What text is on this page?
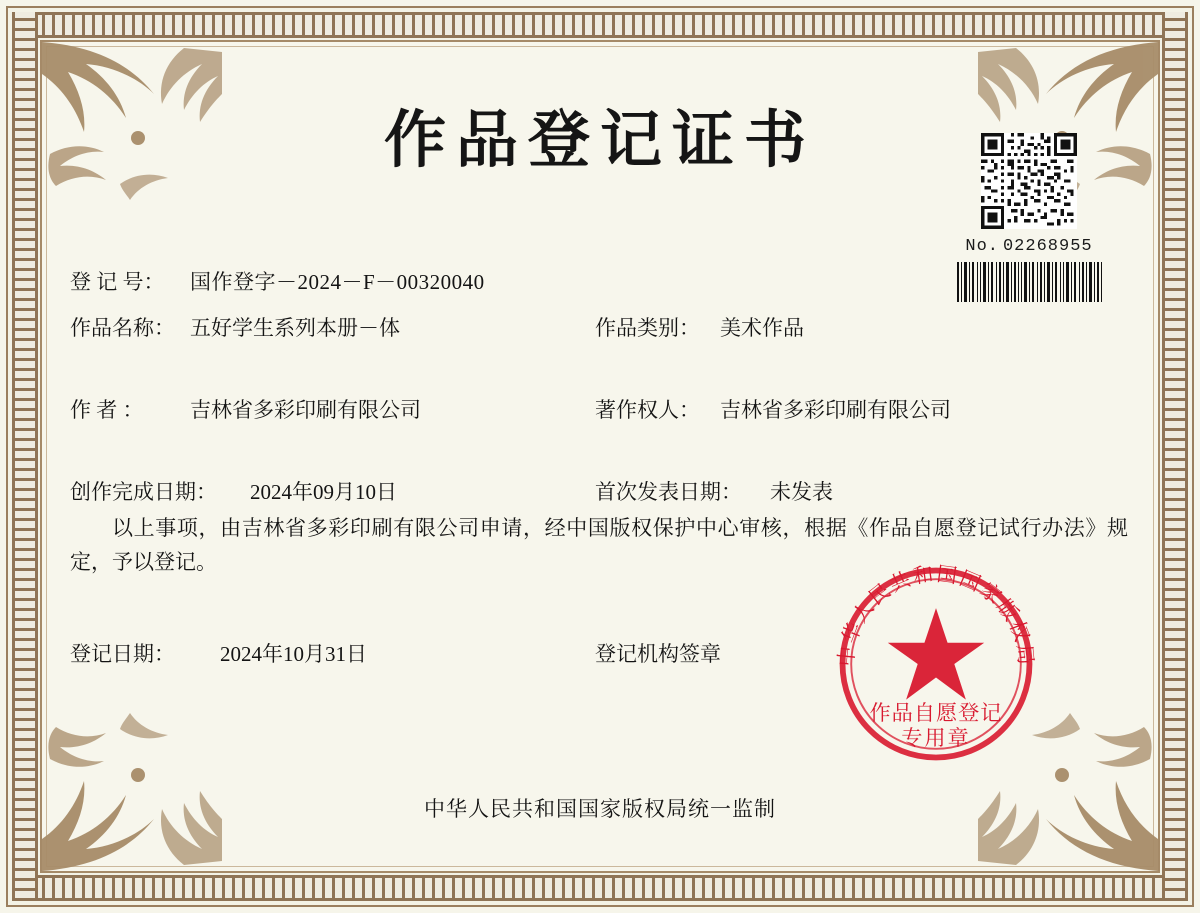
作品登记证书
No. 02268955
登 记 号： 国作登字－2024－F－00320040
作品名称： 五好学生系列本册－体	作品类别： 美术作品
作 者 ： 吉林省多彩印刷有限公司	著作权人： 吉林省多彩印刷有限公司
创作完成日期： 2024年09月10日	首次发表日期： 未发表
以上事项，由吉林省多彩印刷有限公司申请，经中国版权保护中心审核，根据《作品自愿登记试行办法》规定，予以登记。
登记日期： 2024年10月31日	登记机构签章	中华人民共和国国家版权局
作品自愿登记
专用章
中华人民共和国国家版权局统一监制
